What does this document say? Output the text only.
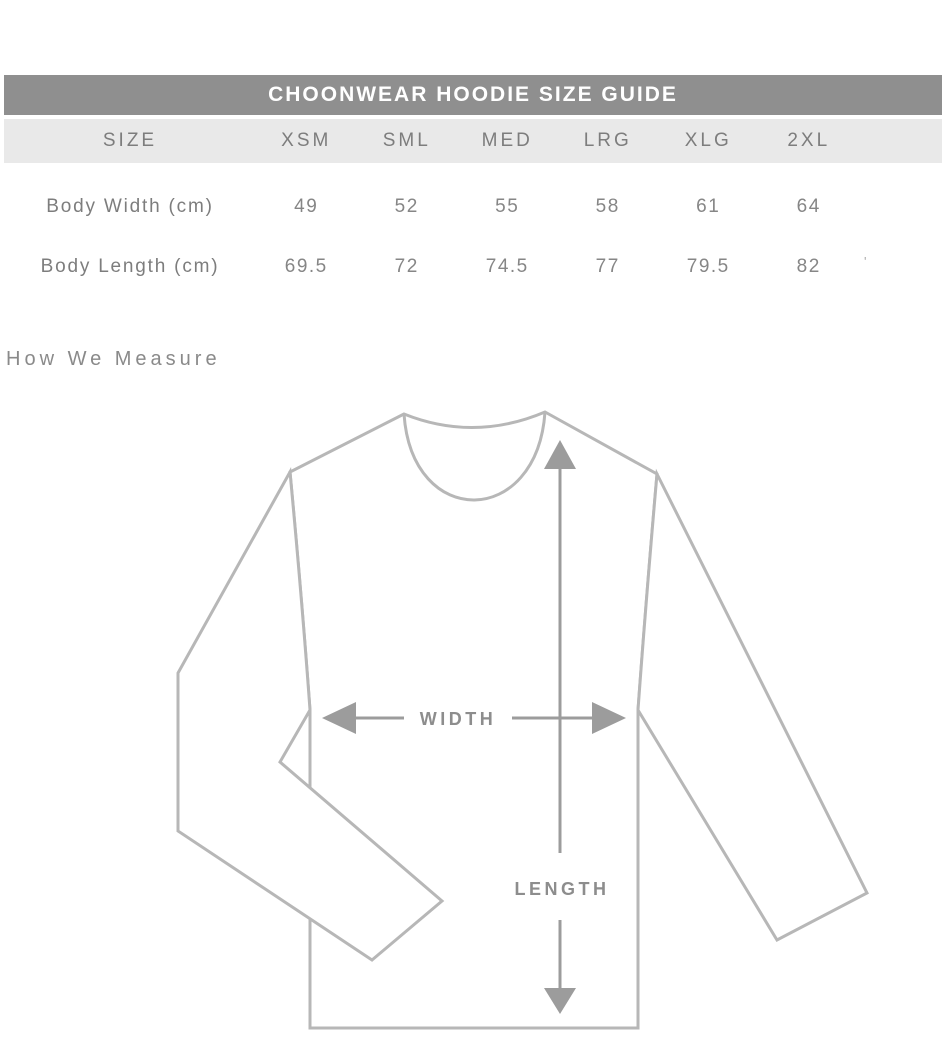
CHOONWEAR HOODIE SIZE GUIDE
SIZE	XSM	SML	MED	LRG	XLG	2XL
Body Width (cm)	49	52	55	58	61	64
Body Length (cm)	69.5	72	74.5	77	79.5	82	'
How We Measure
WIDTH
LENGTH
